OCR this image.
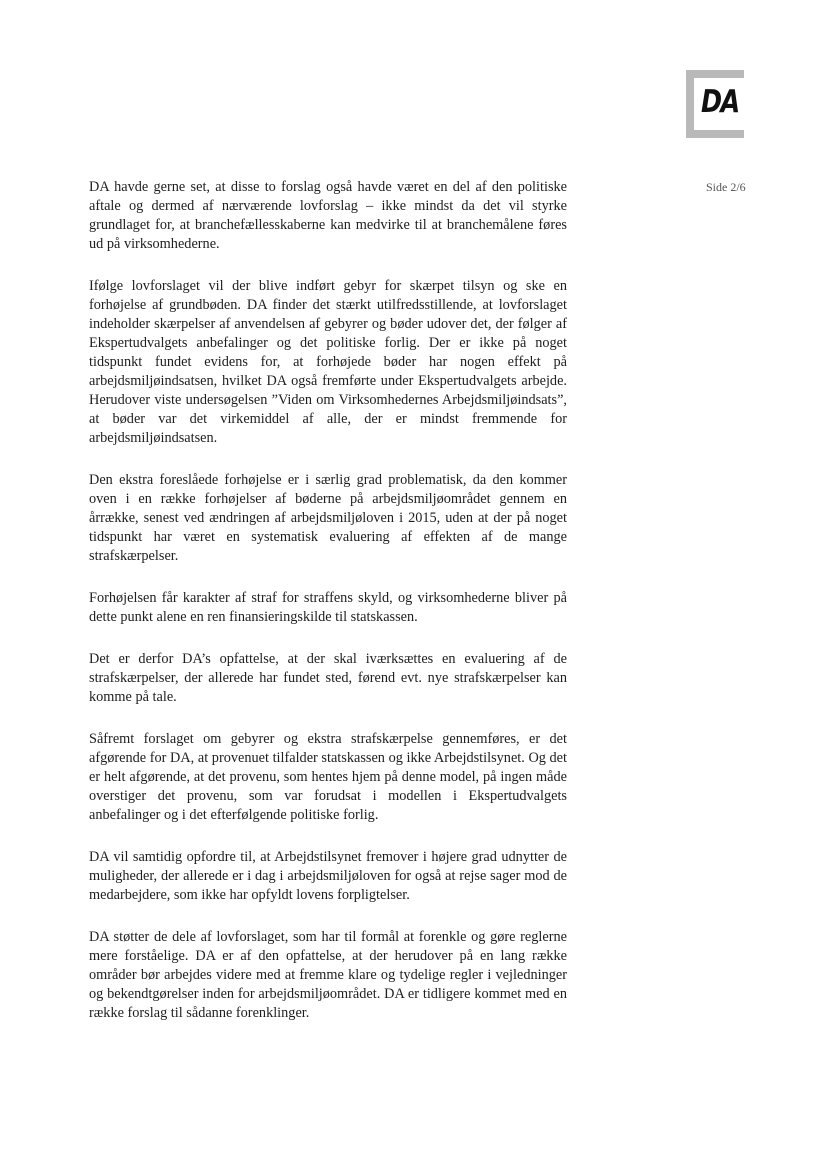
DA
Side 2/6

DA havde gerne set, at disse to forslag også havde været en del af den politiske aftale og dermed af nærværende lovforslag – ikke mindst da det vil styrke grundlaget for, at branchefællesskaberne kan medvirke til at branchemålene føres ud på virksomhederne.

Ifølge lovforslaget vil der blive indført gebyr for skærpet tilsyn og ske en forhøjelse af grundbøden. DA finder det stærkt utilfredsstillende, at lovforslaget indeholder skærpelser af anvendelsen af gebyrer og bøder udover det, der følger af Ekspertudvalgets anbefalinger og det politiske forlig. Der er ikke på noget tidspunkt fundet evidens for, at forhøjede bøder har nogen effekt på arbejdsmiljøindsatsen, hvilket DA også fremførte under Ekspertudvalgets arbejde. Herudover viste undersøgelsen ”Viden om Virksomhedernes Arbejdsmiljøindsats”, at bøder var det virkemiddel af alle, der er mindst fremmende for arbejdsmiljøindsatsen.

Den ekstra foreslåede forhøjelse er i særlig grad problematisk, da den kommer oven i en række forhøjelser af bøderne på arbejdsmiljøområdet gennem en årrække, senest ved ændringen af arbejdsmiljøloven i 2015, uden at der på noget tidspunkt har været en systematisk evaluering af effekten af de mange strafskærpelser.

Forhøjelsen får karakter af straf for straffens skyld, og virksomhederne bliver på dette punkt alene en ren finansieringskilde til statskassen.

Det er derfor DA’s opfattelse, at der skal iværksættes en evaluering af de strafskærpelser, der allerede har fundet sted, førend evt. nye strafskærpelser kan komme på tale.

Såfremt forslaget om gebyrer og ekstra strafskærpelse gennemføres, er det afgørende for DA, at provenuet tilfalder statskassen og ikke Arbejdstilsynet. Og det er helt afgørende, at det provenu, som hentes hjem på denne model, på ingen måde overstiger det provenu, som var forudsat i modellen i Ekspertudvalgets anbefalinger og i det efterfølgende politiske forlig.

DA vil samtidig opfordre til, at Arbejdstilsynet fremover i højere grad udnytter de muligheder, der allerede er i dag i arbejdsmiljøloven for også at rejse sager mod de medarbejdere, som ikke har opfyldt lovens forpligtelser.

DA støtter de dele af lovforslaget, som har til formål at forenkle og gøre reglerne mere forståelige. DA er af den opfattelse, at der herudover på en lang række områder bør arbejdes videre med at fremme klare og tydelige regler i vejledninger og bekendtgørelser inden for arbejdsmiljøområdet. DA er tidligere kommet med en række forslag til sådanne forenklinger.
